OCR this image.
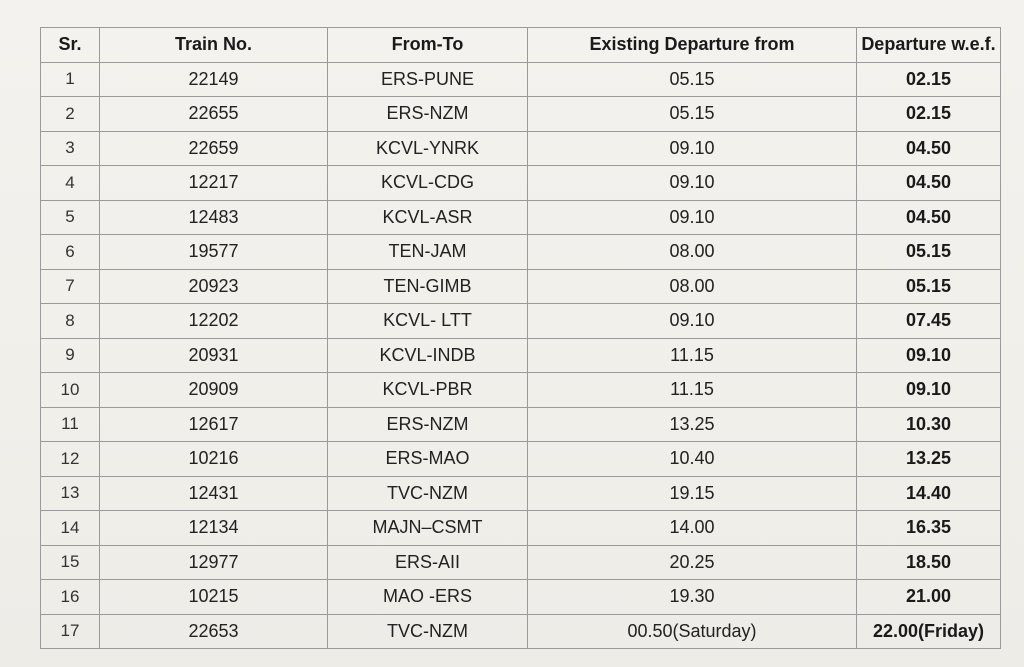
Sr.	Train No.	From-To	Existing Departure from	Departure w.e.f.
1	22149	ERS-PUNE	05.15	02.15
2	22655	ERS-NZM	05.15	02.15
3	22659	KCVL-YNRK	09.10	04.50
4	12217	KCVL-CDG	09.10	04.50
5	12483	KCVL-ASR	09.10	04.50
6	19577	TEN-JAM	08.00	05.15
7	20923	TEN-GIMB	08.00	05.15
8	12202	KCVL- LTT	09.10	07.45
9	20931	KCVL-INDB	11.15	09.10
10	20909	KCVL-PBR	11.15	09.10
11	12617	ERS-NZM	13.25	10.30
12	10216	ERS-MAO	10.40	13.25
13	12431	TVC-NZM	19.15	14.40
14	12134	MAJN–CSMT	14.00	16.35
15	12977	ERS-AII	20.25	18.50
16	10215	MAO -ERS	19.30	21.00
17	22653	TVC-NZM	00.50(Saturday)	22.00(Friday)
